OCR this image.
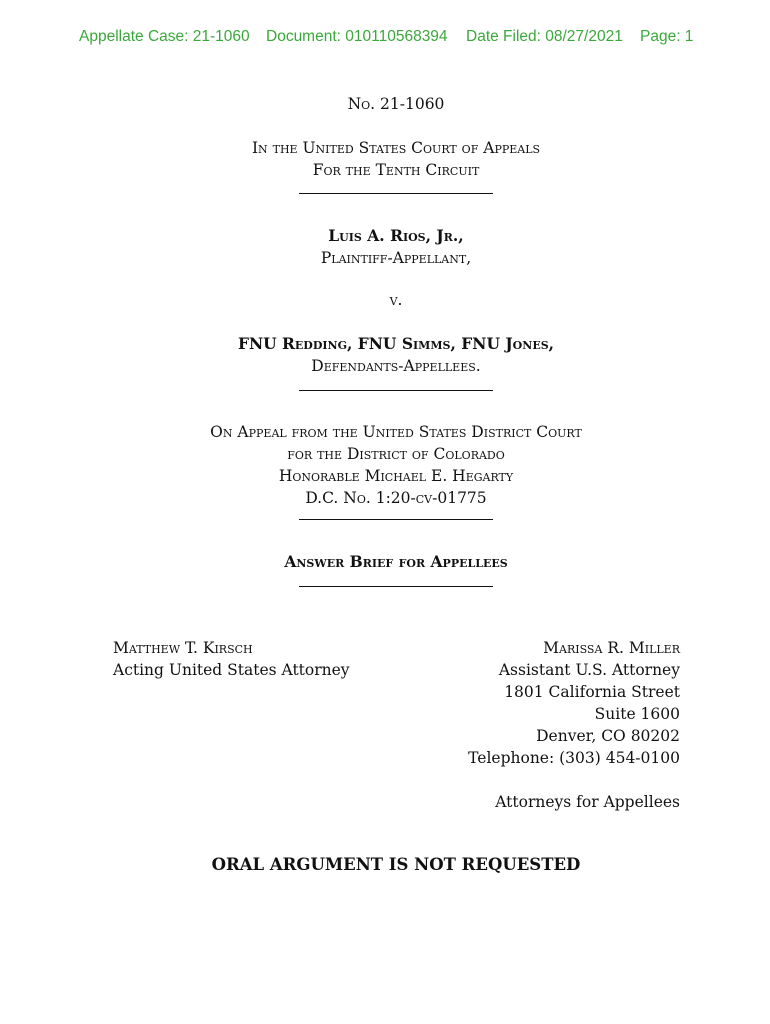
Appellate Case: 21-1060 Document: 010110568394 Date Filed: 08/27/2021 Page: 1
No. 21-1060
In the United States Court of Appeals
For the Tenth Circuit
Luis A. Rios, Jr.,
Plaintiff-Appellant,
v.
FNU Redding, FNU Simms, FNU Jones,
Defendants-Appellees.
On Appeal from the United States District Court
for the District of Colorado
Honorable Michael E. Hegarty
D.C. No. 1:20-cv-01775
Answer Brief for Appellees
Matthew T. Kirsch
Acting United States Attorney
Marissa R. Miller
Assistant U.S. Attorney
1801 California Street
Suite 1600
Denver, CO 80202
Telephone: (303) 454-0100
Attorneys for Appellees
ORAL ARGUMENT IS NOT REQUESTED
